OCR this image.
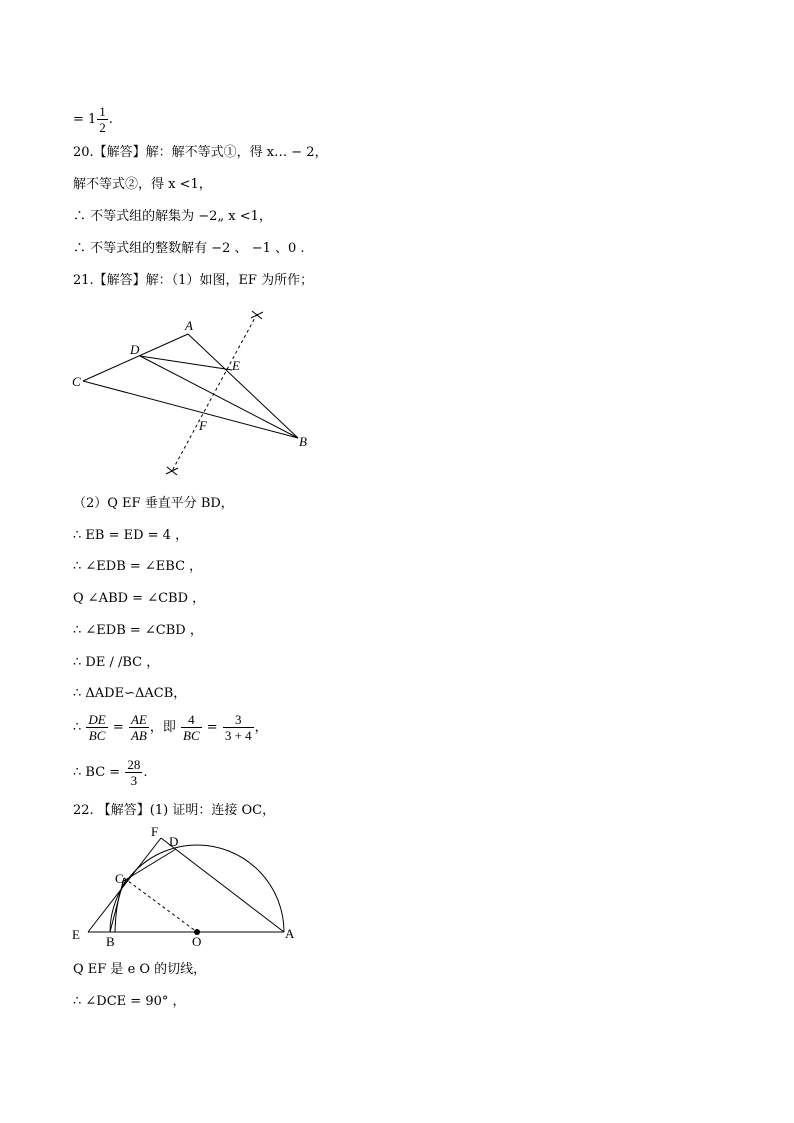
= $1 \frac{1}{2}$ .
20.【解答】解：解不等式①，得 x… − 2，
解不等式②，得 x <1，
∴ 不等式组的解集为 −2„ x <1，
∴ 不等式组的整数解有 −2 、 −1 、0 .
21.【解答】解：（1）如图，EF 为所作；
A
B
C
D
E
F
（2）Q EF 垂直平分 BD，
∴ EB = ED = 4 ，
∴ ∠EDB = ∠EBC ，
Q ∠ABD = ∠CBD ，
∴ ∠EDB = ∠CBD ，
∴ DE / /BC ，
∴ ΔADE∽ΔACB，
∴ $\frac{DE}{BC} = \frac{AE}{AB}$ ，即 $\frac{4}{BC} = \frac{3}{3 + 4}$ ，
∴ BC = $\frac{28}{3}$ .
22. 【解答】(1) 证明：连接 OC，
F
D
C
E B	O
A
Q EF 是 e O 的切线，
∴ ∠DCE = 90° ，
